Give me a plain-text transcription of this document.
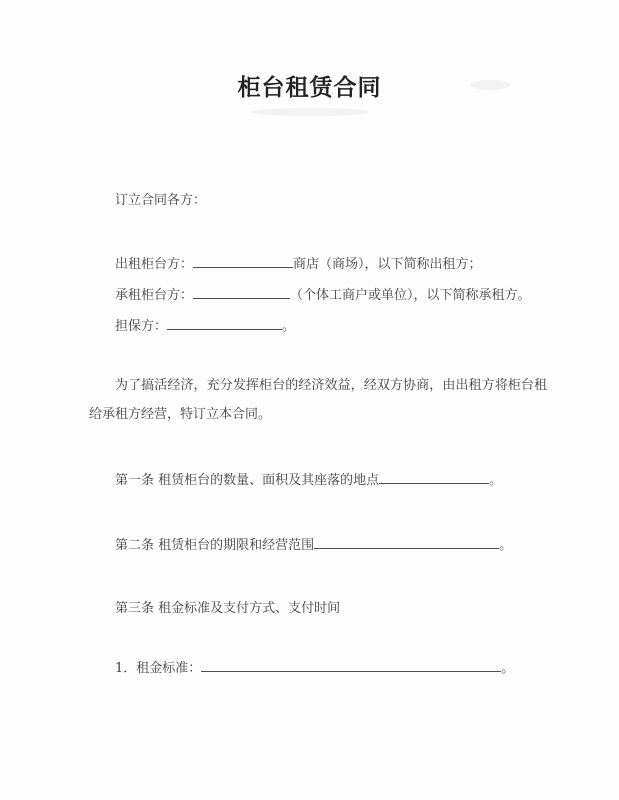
柜台租赁合同

订立合同各方：

出租柜台方：	商店（商场），以下简称出租方；

承租柜台方：	（个体工商户或单位），以下简称承租方。

担保方：	。

为了搞活经济，充分发挥柜台的经济效益，经双方协商，由出租方将柜台租给承租方经营，特订立本合同。

第一条 租赁柜台的数量、面积及其座落的地点	。

第二条 租赁柜台的期限和经营范围	。

第三条 租金标准及支付方式、支付时间

1．租金标准：	。
